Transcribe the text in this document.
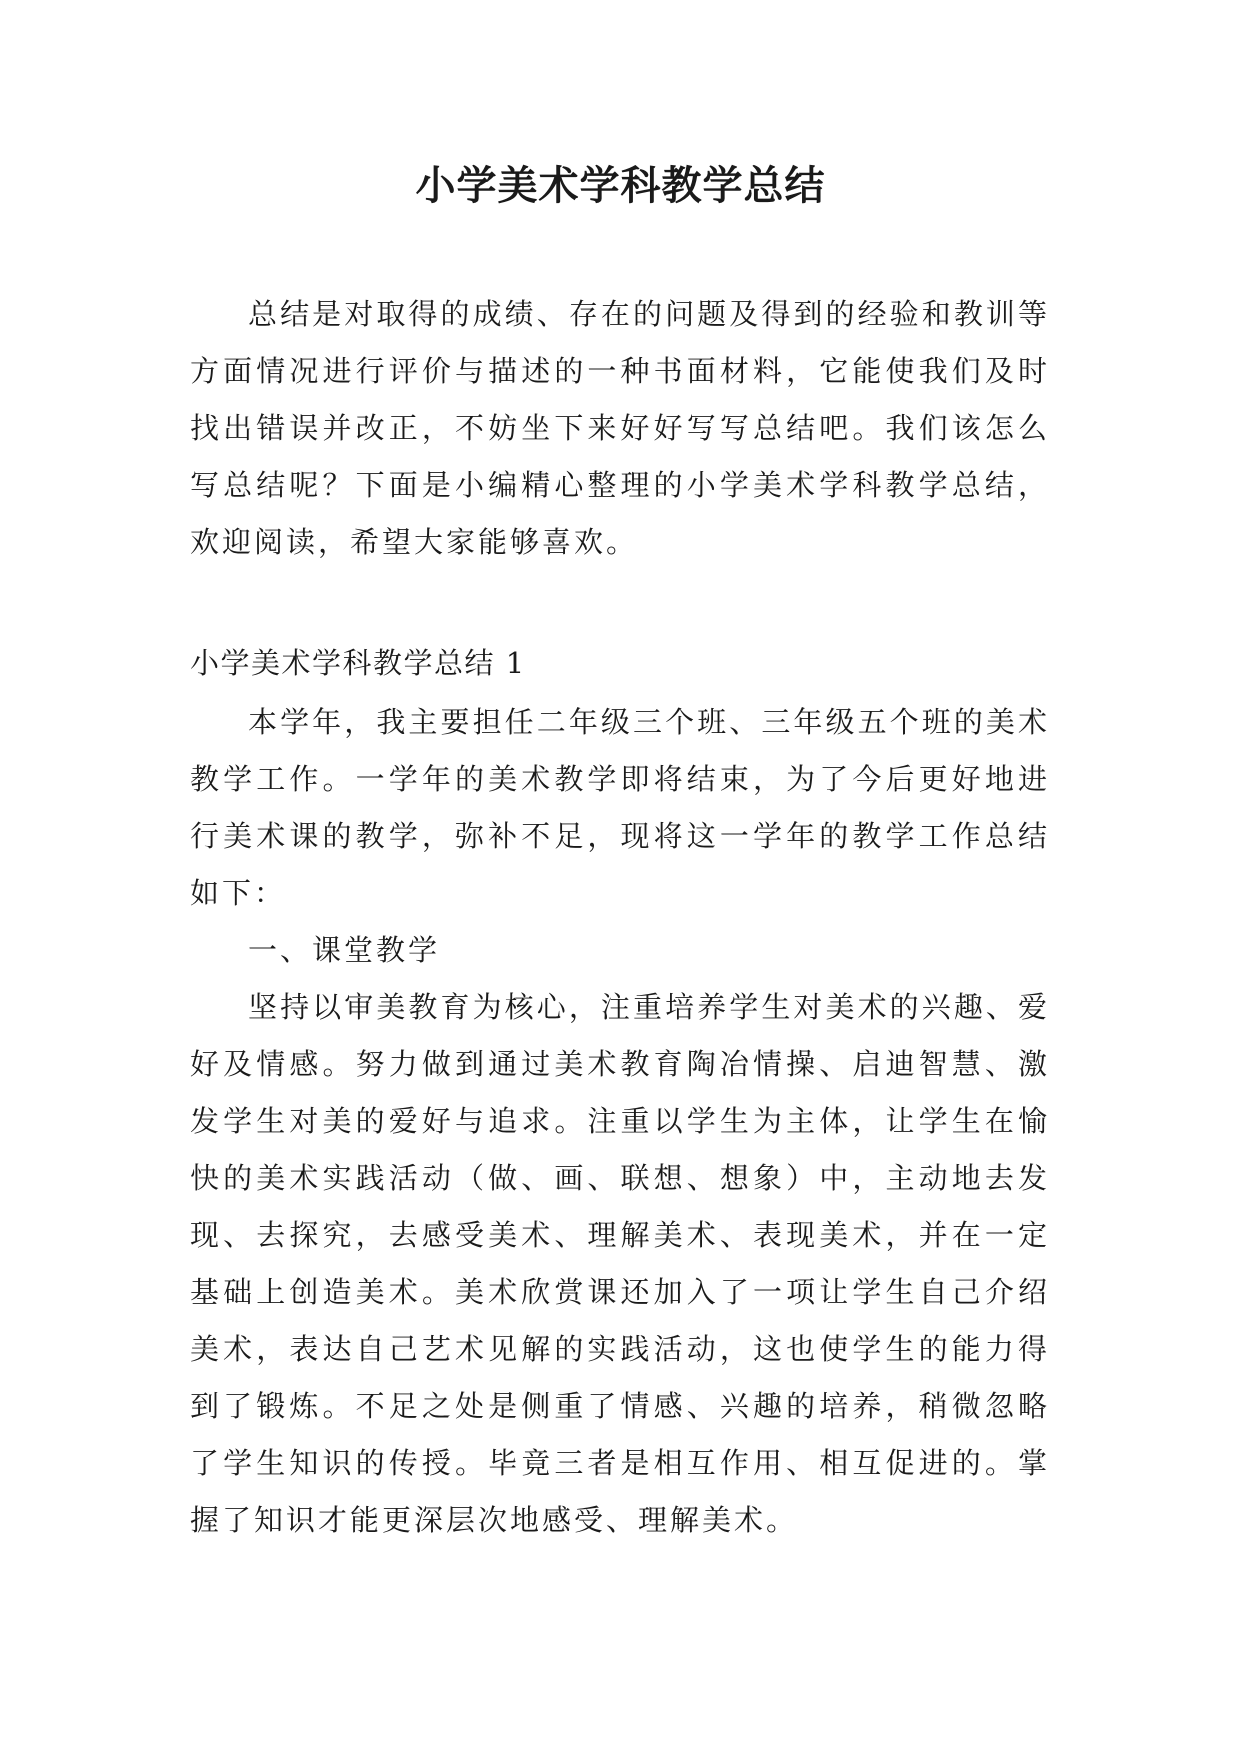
小学美术学科教学总结

总结是对取得的成绩、存在的问题及得到的经验和教训等方面情况进行评价与描述的一种书面材料，它能使我们及时找出错误并改正，不妨坐下来好好写写总结吧。我们该怎么写总结呢？下面是小编精心整理的小学美术学科教学总结，欢迎阅读，希望大家能够喜欢。

小学美术学科教学总结 1

本学年，我主要担任二年级三个班、三年级五个班的美术教学工作。一学年的美术教学即将结束，为了今后更好地进行美术课的教学，弥补不足，现将这一学年的教学工作总结如下：

一、课堂教学

坚持以审美教育为核心，注重培养学生对美术的兴趣、爱好及情感。努力做到通过美术教育陶冶情操、启迪智慧、激发学生对美的爱好与追求。注重以学生为主体，让学生在愉快的美术实践活动（做、画、联想、想象）中，主动地去发现、去探究，去感受美术、理解美术、表现美术，并在一定基础上创造美术。美术欣赏课还加入了一项让学生自己介绍美术，表达自己艺术见解的实践活动，这也使学生的能力得到了锻炼。不足之处是侧重了情感、兴趣的培养，稍微忽略了学生知识的传授。毕竟三者是相互作用、相互促进的。掌握了知识才能更深层次地感受、理解美术。
